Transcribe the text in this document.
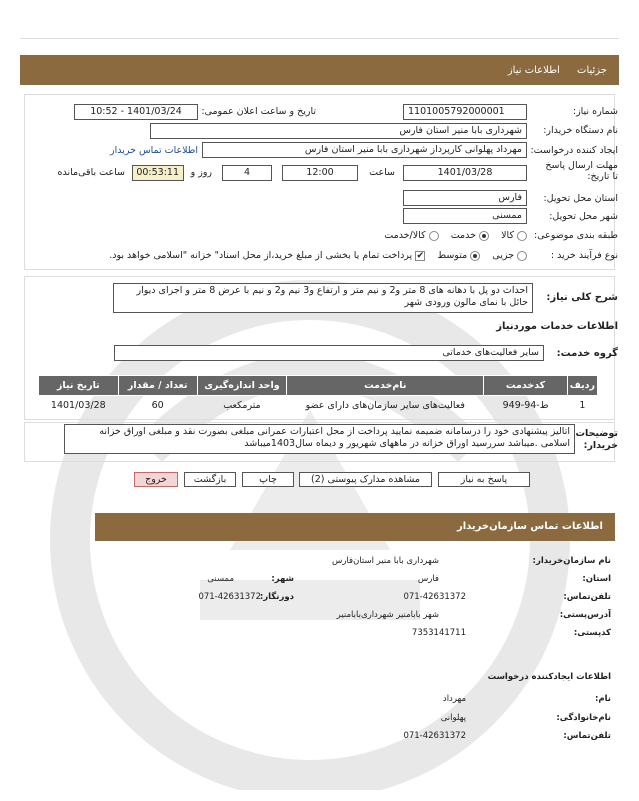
جزئیات اطلاعات نیاز
شماره نیاز:
1101005792000001
تاریخ و ساعت اعلان عمومی:
1401/03/24 - 10:52
نام دستگاه خریدار:
شهرداری بابا منیر استان فارس
ایجاد کننده درخواست:
مهرداد پهلوانی کارپرداز شهرداری بابا منیر استان فارس
اطلاعات تماس خریدار
مهلت ارسال پاسخ تا تاریخ:
1401/03/28
ساعت
12:00
4
روز و
00:53:11
ساعت باقی‌مانده
استان محل تحویل:
فارس
شهر محل تحویل:
ممسنی
طبقه بندی موضوعی:
کالا     خدمت     کالا/خدمت
نوع فرآیند خرید :
جزیی     متوسط    ✔ پرداخت تمام یا بخشی از مبلغ خرید،از محل اسناد" خزانه "اسلامی خواهد بود.
شرح کلی نیاز:
احداث دو پل با دهانه های 8 متر و2 و نیم متر و ارتفاع و3 نیم و2 و نیم با عرض 8 متر و اجرای دیوار حائل با نمای مالون ورودی شهر
اطلاعات خدمات موردنیاز
گروه خدمت:
سایر فعالیت‌های خدماتی
ردیف	کدخدمت	نام‌خدمت	واحد اندازه‌گیری	تعداد / مقدار	تاریخ نیاز
1	ط-94-949	فعالیت‌های سایر سازمان‌های دارای عضو	مترمکعب	60	1401/03/28
توضیحات خریدار:
اتالیز پیشنهادی خود را درسامانه ضمیمه نمایید پرداخت از محل اعتبارات عمرانی مبلغی بصورت نقد و مبلغی اوراق خزانه اسلامی .میباشد سررسید اوراق خزانه در ماههای شهریور و دیماه سال1403میباشد
پاسخ به نیاز
مشاهده مدارک پیوستی (2)
چاپ
بازگشت
خروج
اطلاعات تماس سازمان‌خریدار
نام سازمان‌خریدار:
شهرداری بابا منیر استان‌فارس
استان:
فارس
شهر:
ممسنی
تلفن‌تماس:
071-42631372
دورنگار:
071-42631372
آدرس‌پستی:
شهر بابامنیر شهرداری‌بابامنیر
کدپستی:
7353141711
اطلاعات ایجاد‌کننده درخواست
نام:
مهرداد
نام‌خانوادگی:
پهلوانی
تلفن‌تماس:
071-42631372
